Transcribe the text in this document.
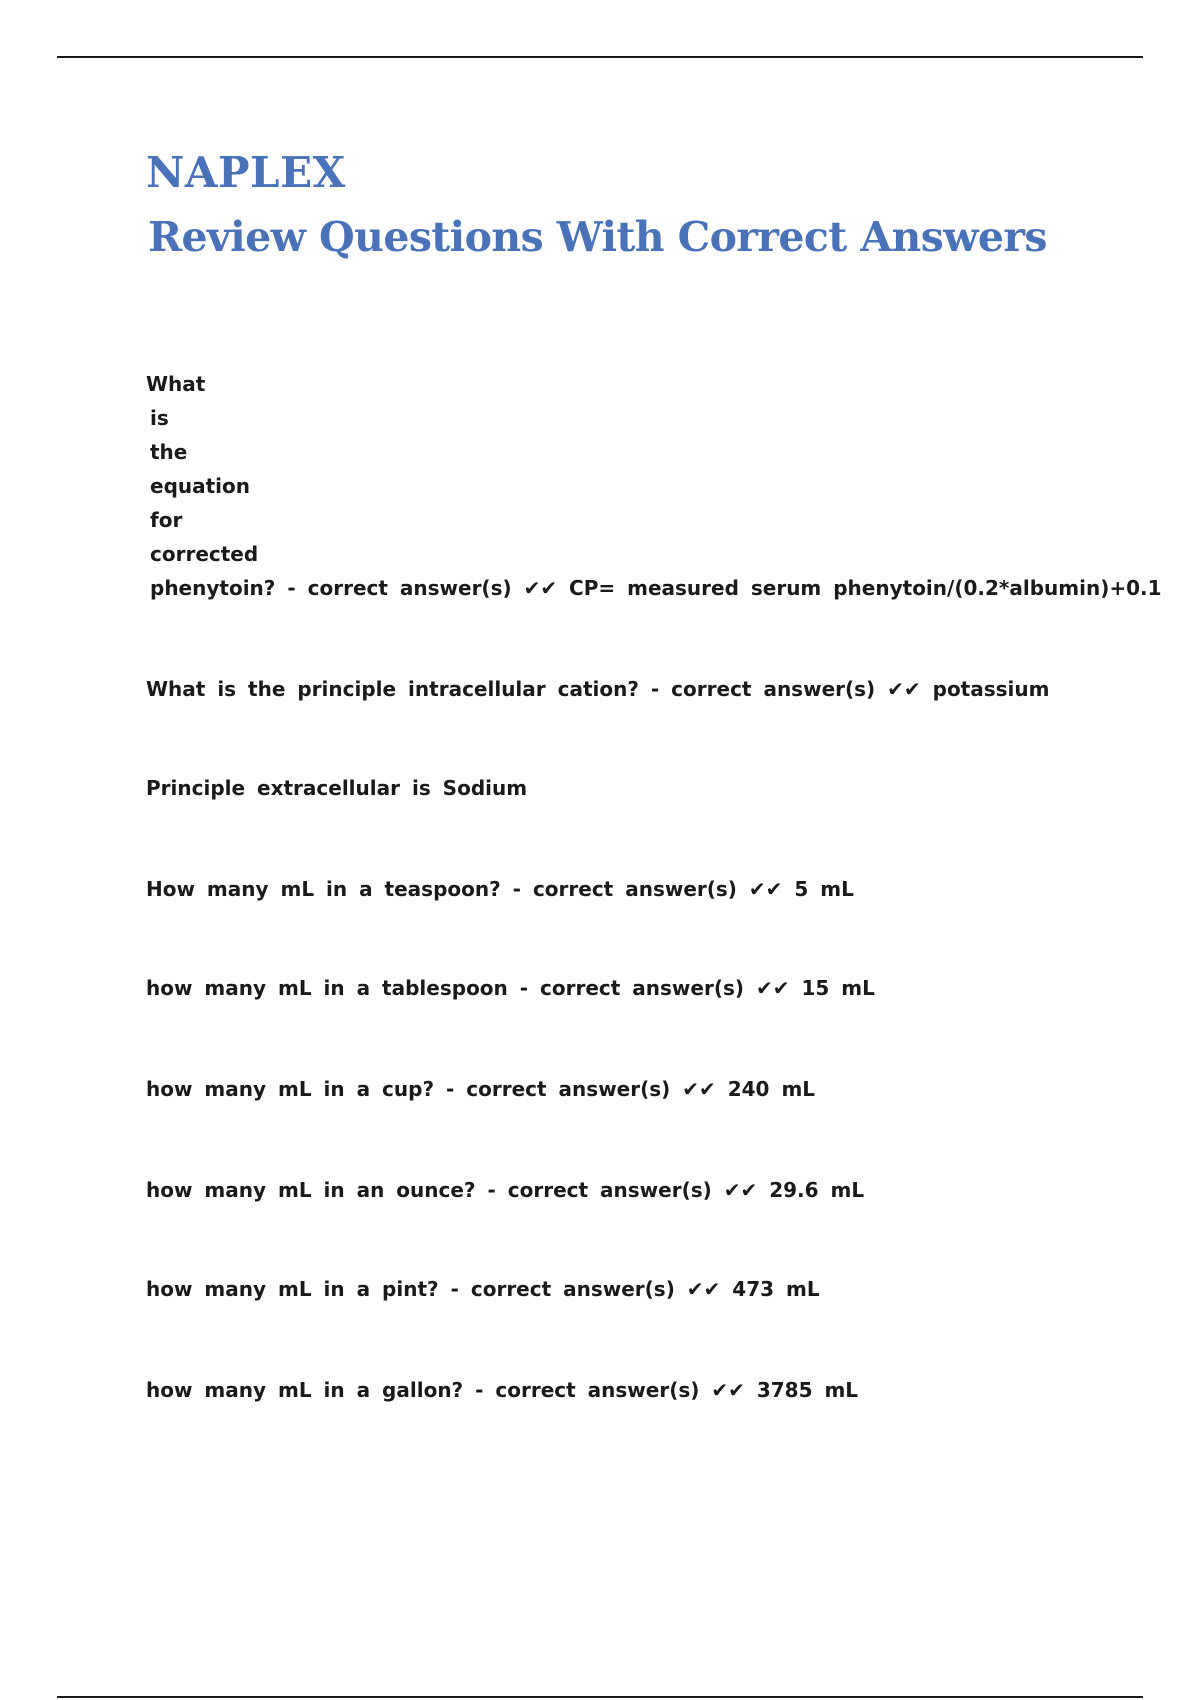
NAPLEX
Review Questions With Correct Answers
What
is
the
equation
for
corrected
phenytoin? - correct answer(s) ✔✔ CP= measured serum phenytoin/(0.2*albumin)+0.1

What is the principle intracellular cation? - correct answer(s) ✔✔ potassium

Principle extracellular is Sodium

How many mL in a teaspoon? - correct answer(s) ✔✔ 5 mL

how many mL in a tablespoon - correct answer(s) ✔✔ 15 mL

how many mL in a cup? - correct answer(s) ✔✔ 240 mL

how many mL in an ounce? - correct answer(s) ✔✔ 29.6 mL

how many mL in a pint? - correct answer(s) ✔✔ 473 mL

how many mL in a gallon? - correct answer(s) ✔✔ 3785 mL
